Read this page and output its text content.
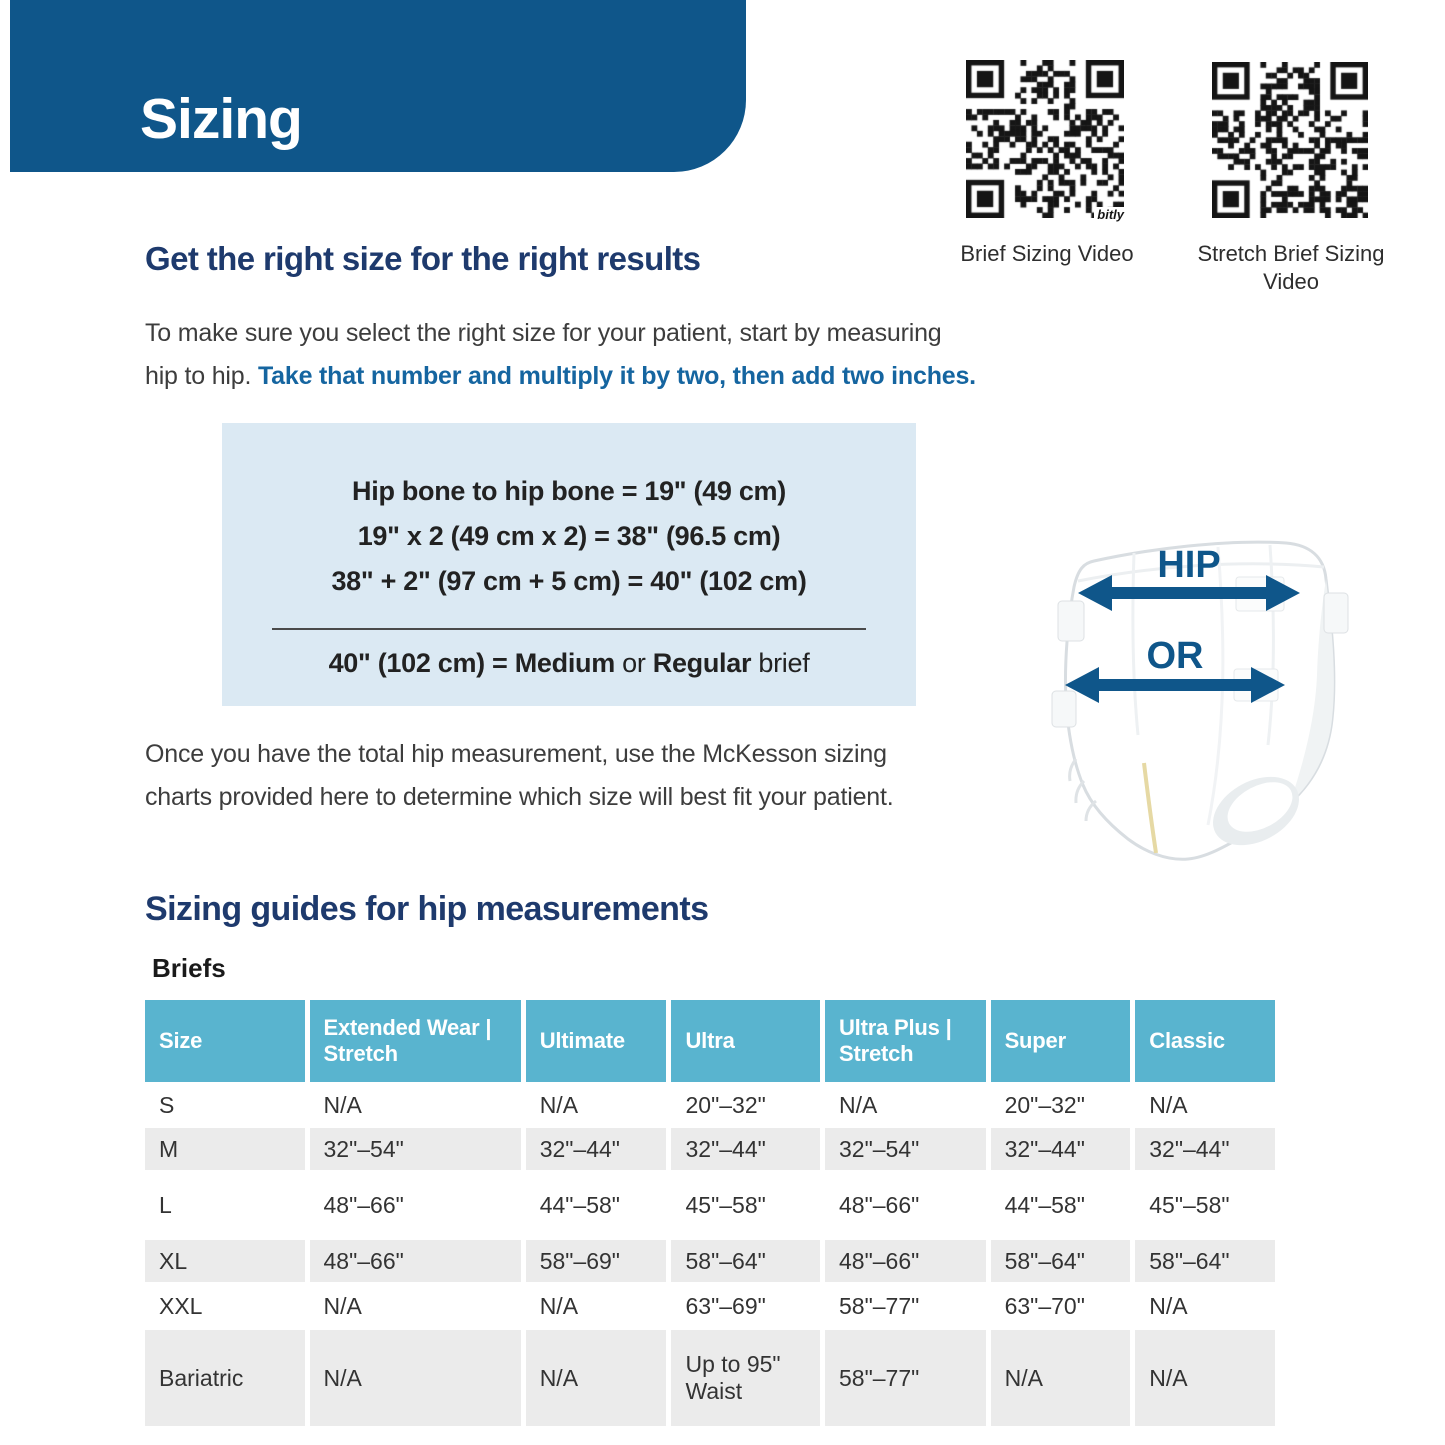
Sizing
bitly
Brief Sizing Video	Stretch Brief Sizing Video
Get the right size for the right results
To make sure you select the right size for your patient, start by measuring
hip to hip. Take that number and multiply it by two, then add two inches.
Hip bone to hip bone = 19" (49 cm)
19" x 2 (49 cm x 2) = 38" (96.5 cm)
38" + 2" (97 cm + 5 cm) = 40" (102 cm)
40" (102 cm) = Medium or Regular brief
HIP
OR
Once you have the total hip measurement, use the McKesson sizing
charts provided here to determine which size will best fit your patient.
Sizing guides for hip measurements
Briefs
Size	Extended Wear | Stretch	Ultimate	Ultra	Ultra Plus | Stretch	Super	Classic
S	N/A	N/A	20"–32"	N/A	20"–32"	N/A
M	32"–54"	32"–44"	32"–44"	32"–54"	32"–44"	32"–44"
L	48"–66"	44"–58"	45"–58"	48"–66"	44"–58"	45"–58"
XL	48"–66"	58"–69"	58"–64"	48"–66"	58"–64"	58"–64"
XXL	N/A	N/A	63"–69"	58"–77"	63"–70"	N/A
Bariatric	N/A	N/A	Up to 95" Waist	58"–77"	N/A	N/A
